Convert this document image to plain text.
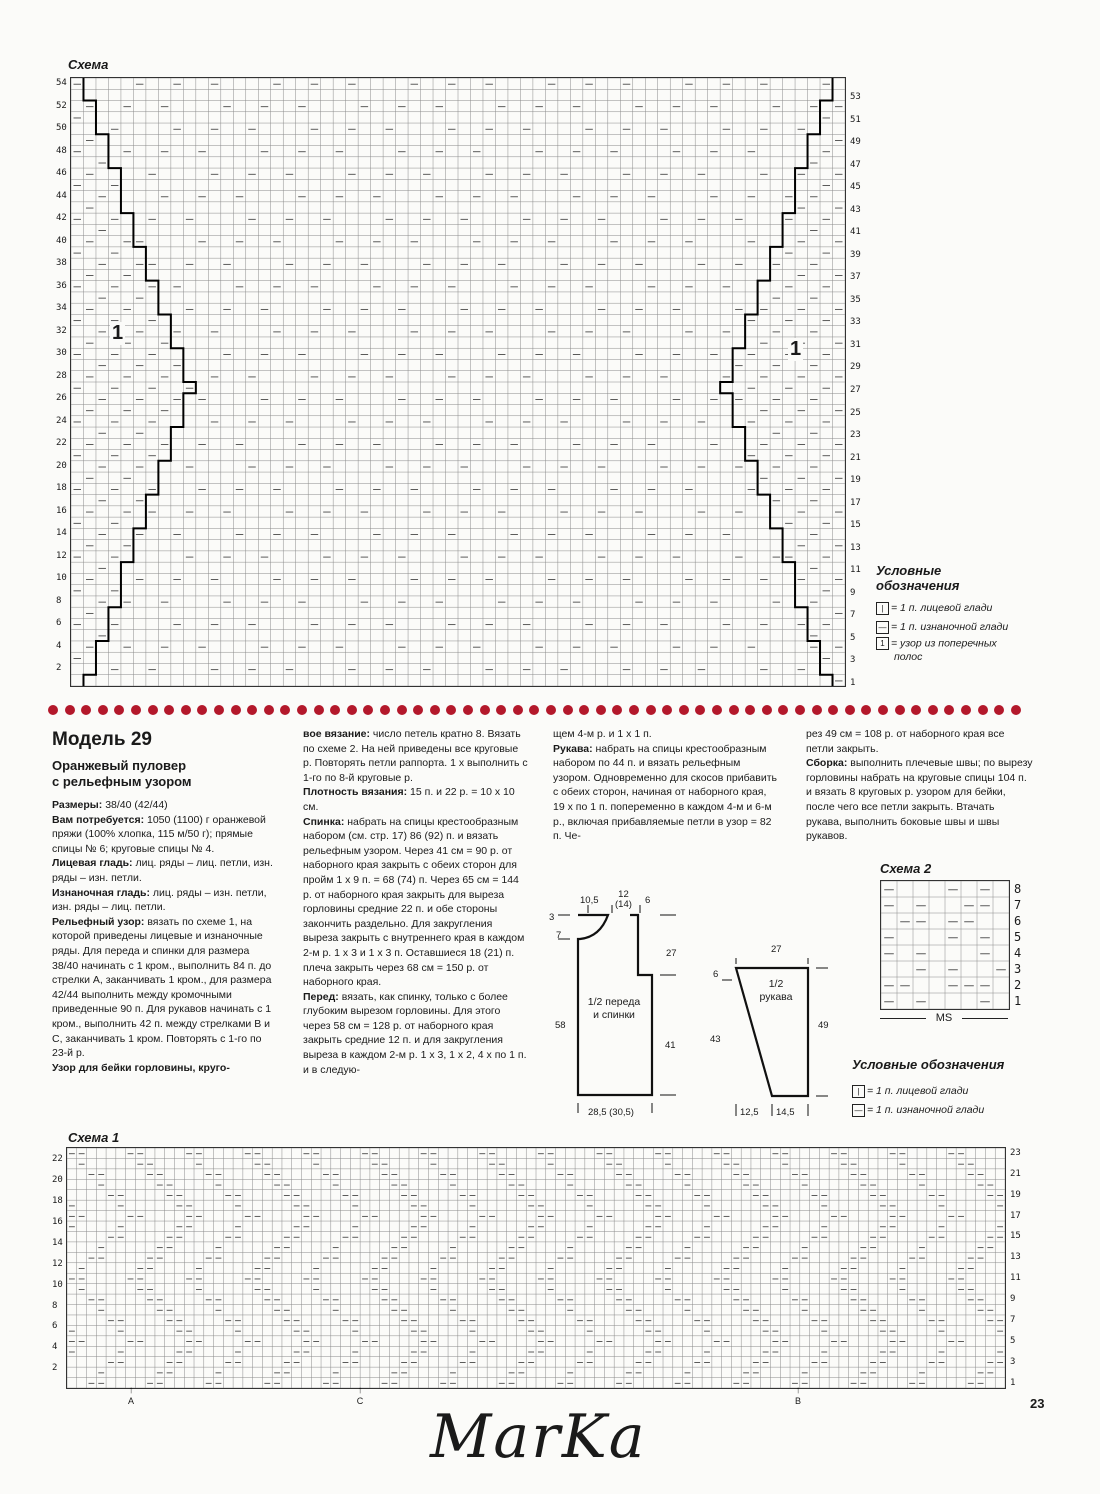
Схема
54
52
50
48
46
44
42
40
38
36
34
32
30
28
26
24
22
20
18
16
14
12
10
8
6
4
2
53
51
49
47
45
43
41
39
37
35
33
31
29
27
25
23
21
19
17
15
13
11
9
7
5
3
1
1
1
Условные
обозначения
| = 1 п. лицевой глади
— = 1 п. изнаночной глади
1 = узор из поперечных
полос
Модель 29
Оранжевый пуловер
с рельефным узором

Размеры: 38/40 (42/44)

Вам потребуется: 1050 (1100) г оранжевой пряжи (100% хлопка, 115 м/50 г); прямые спицы № 6; круговые спицы № 4.

Лицевая гладь: лиц. ряды – лиц. петли, изн. ряды – изн. петли.

Изнаночная гладь: лиц. ряды – изн. петли, изн. ряды – лиц. петли.

Рельефный узор: вязать по схеме 1, на которой приведены лицевые и изнаночные ряды. Для переда и спинки для размера 38/40 начинать с 1 кром., выполнить 84 п. до стрелки А, заканчивать 1 кром., для размера 42/44 выполнить между кромочными приведенные 90 п. Для рукавов начинать с 1 кром., выполнить 42 п. между стрелками В и С, заканчивать 1 кром. Повторять с 1-го по 23-й р.

Узор для бейки горловины, круго-

вое вязание: число петель кратно 8. Вязать по схеме 2. На ней приведены все круговые р. Повторять петли раппорта. 1 х выполнить с 1-го по 8-й круговые р.

Плотность вязания: 15 п. и 22 р. = 10 х 10 см.

Спинка: набрать на спицы крестообразным набором (см. стр. 17) 86 (92) п. и вязать рельефным узором. Через 41 см = 90 р. от наборного края закрыть с обеих сторон для пройм 1 х 9 п. = 68 (74) п. Через 65 см = 144 р. от наборного края закрыть для выреза горловины средние 22 п. и обе стороны закончить раздельно. Для закругления выреза закрыть с внутреннего края в каждом 2-м р. 1 х 3 и 1 х 3 п. Оставшиеся 18 (21) п. плеча закрыть через 68 см = 150 р. от наборного края.

Перед: вязать, как спинку, только с более глубоким вырезом горловины. Для этого через 58 см = 128 р. от наборного края закрыть средние 12 п. и для закругления выреза в каждом 2-м р. 1 х 3, 1 х 2, 4 х по 1 п. и в следую-

щем 4-м р. и 1 х 1 п.

Рукава: набрать на спицы крестообразным набором по 44 п. и вязать рельефным узором. Одновременно для скосов прибавить с обеих сторон, начиная от наборного края, 19 х по 1 п. попеременно в каждом 4-м и 6-м р., включая прибавляемые петли в узор = 82 п. Че-

рез 49 см = 108 р. от наборного края все петли закрыть.

Сборка: выполнить плечевые швы; по вырезу горловины набрать на круговые спицы 104 п. и вязать 8 круговых р. узором для бейки, после чего все петли закрыть. Втачать рукава, выполнить боковые швы и швы рукавов.

10,5
12
(14) 6
3
7
27
1/2 переда
и спинки
58
41
28,5 (30,5)
27
6
1/2
рукава
43
49
12,5 14,5
Схема 2
8
7
6
5
4
3
2
1
MS
Условные обозначения
| = 1 п. лицевой глади
— = 1 п. изнаночной глади
Схема 1
22
20
18
16
14
12
10
8
6
4
2
23
21
19
17
15
13
11
9
7
5
3
1
↑
A
↑
C
↑
B	23
MarKa
